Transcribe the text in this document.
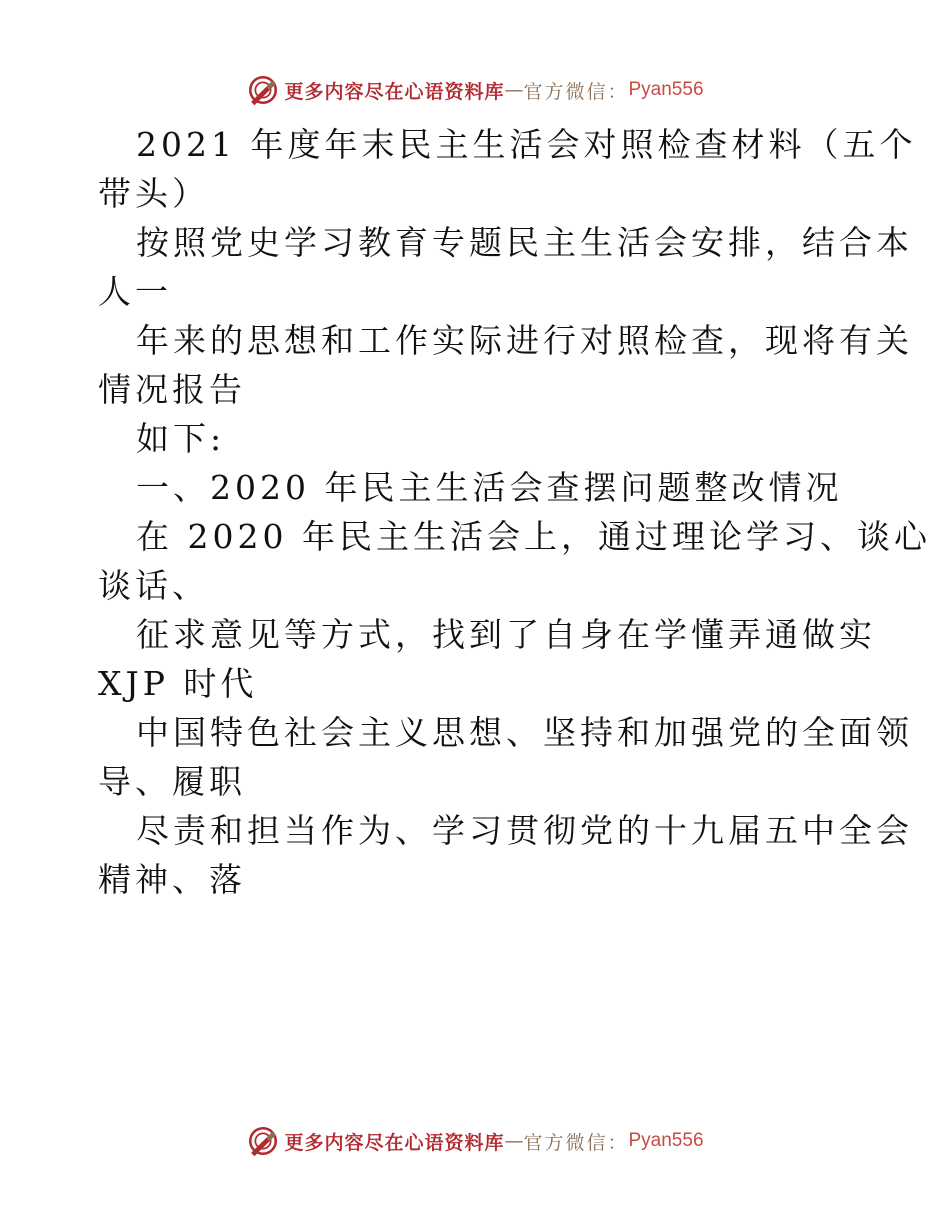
更多内容尽在心语资料库 — 官方微信： Pyan556
2021 年度年末民主生活会对照检查材料（五个
带头）
按照党史学习教育专题民主生活会安排，结合本
人一
年来的思想和工作实际进行对照检查，现将有关
情况报告
如下:
一、2020 年民主生活会查摆问题整改情况
在 2020 年民主生活会上，通过理论学习、谈心
谈话、
征求意见等方式，找到了自身在学懂弄通做实
XJP 时代
中国特色社会主义思想、坚持和加强党的全面领
导、履职
尽责和担当作为、学习贯彻党的十九届五中全会
精神、落
更多内容尽在心语资料库 — 官方微信： Pyan556
